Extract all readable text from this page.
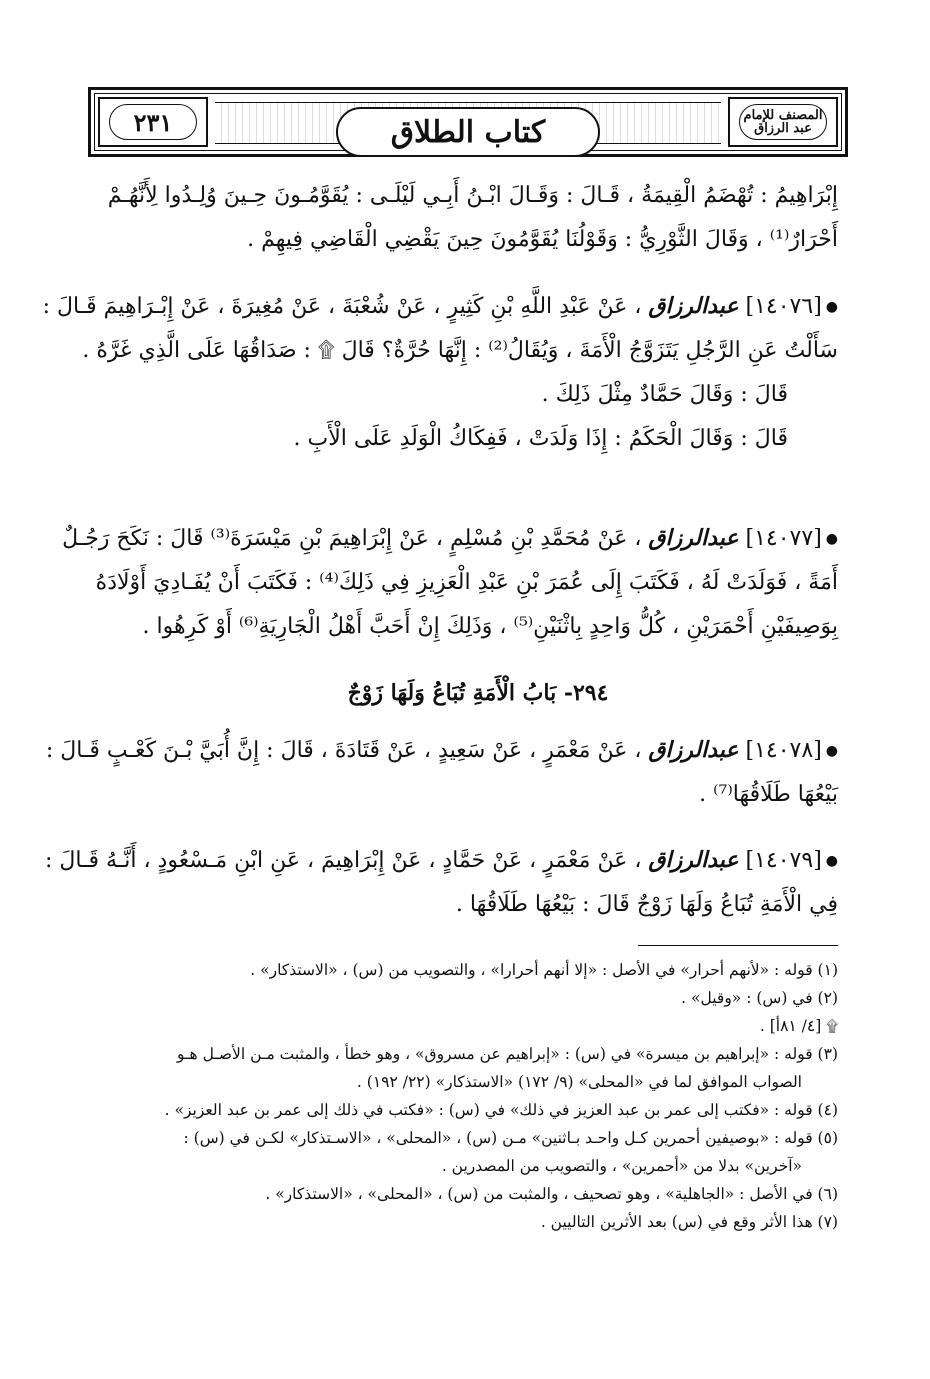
٢٣١	كتاب الطلاق	المصنف للإمام عبد الرزاق
إِبْرَاهِيمُ : تُهْضَمُ الْقِيمَةُ ، قَـالَ : وَقَـالَ ابْـنُ أَبِـي لَيْلَـى : يُقَوَّمُـونَ حِـينَ وُلِـدُوا لِأَنَّهُـمْ
أَحْرَارٌ⁽¹⁾ ، وَقَالَ الثَّوْرِيُّ : وَقَوْلُنَا يُقَوَّمُونَ حِينَ يَقْضِي الْقَاضِي فِيهِمْ .
●[١٤٠٧٦] عبدالرزاق ، عَنْ عَبْدِ اللَّهِ بْنِ كَثِيرٍ ، عَنْ شُعْبَةَ ، عَنْ مُغِيرَةَ ، عَنْ إِبْـرَاهِيمَ قَـالَ :
سَأَلْتُ عَنِ الرَّجُلِ يَتَزَوَّجُ الْأَمَةَ ، وَيُقَالُ⁽²⁾ : إِنَّهَا حُرَّةٌ؟ قَالَ ۩ : صَدَاقُهَا عَلَى الَّذِي غَرَّهُ .
قَالَ : وَقَالَ حَمَّادٌ مِثْلَ ذَلِكَ .
قَالَ : وَقَالَ الْحَكَمُ : إِذَا وَلَدَتْ ، فَفِكَاكُ الْوَلَدِ عَلَى الْأَبِ .
●[١٤٠٧٧] عبدالرزاق ، عَنْ مُحَمَّدِ بْنِ مُسْلِمٍ ، عَنْ إِبْرَاهِيمَ بْنِ مَيْسَرَةَ⁽³⁾ قَالَ : نَكَحَ رَجُـلٌ
أَمَةً ، فَوَلَدَتْ لَهُ ، فَكَتَبَ إِلَى عُمَرَ بْنِ عَبْدِ الْعَزِيزِ فِي ذَلِكَ⁽⁴⁾ : فَكَتَبَ أَنْ يُفَـادِيَ أَوْلَادَهُ
بِوَصِيفَيْنِ أَحْمَرَيْنِ ، كُلُّ وَاحِدٍ بِاثْنَيْنِ⁽⁵⁾ ، وَذَلِكَ إِنْ أَحَبَّ أَهْلُ الْجَارِيَةِ⁽⁶⁾ أَوْ كَرِهُوا .
٢٩٤- بَابُ الْأَمَةِ تُبَاعُ وَلَهَا زَوْجٌ
●[١٤٠٧٨] عبدالرزاق ، عَنْ مَعْمَرٍ ، عَنْ سَعِيدٍ ، عَنْ قَتَادَةَ ، قَالَ : إِنَّ أُبَيَّ بْـنَ كَعْـبٍ قَـالَ :
بَيْعُهَا طَلَاقُهَا⁽⁷⁾ .
●[١٤٠٧٩] عبدالرزاق ، عَنْ مَعْمَرٍ ، عَنْ حَمَّادٍ ، عَنْ إِبْرَاهِيمَ ، عَنِ ابْنِ مَـسْعُودٍ ، أَنَّـهُ قَـالَ :
فِي الْأَمَةِ تُبَاعُ وَلَهَا زَوْجٌ قَالَ : بَيْعُهَا طَلَاقُهَا .
(١) قوله : «لأنهم أحرار» في الأصل : «إلا أنهم أحرارا» ، والتصويب من (س) ، «الاستذكار» .
(٢) في (س) : «وقيل» .
۩ [٤/ ٨١أ] .
(٣) قوله : «إبراهيم بن ميسرة» في (س) : «إبراهيم عن مسروق» ، وهو خطأ ، والمثبت مـن الأصـل هـو
الصواب الموافق لما في «المحلى» (٩/ ١٧٢) «الاستذكار» (٢٢/ ١٩٢) .
(٤) قوله : «فكتب إلى عمر بن عبد العزيز في ذلك» في (س) : «فكتب في ذلك إلى عمر بن عبد العزيز» .
(٥) قوله : «بوصيفين أحمرين كـل واحـد بـاثنين» مـن (س) ، «المحلى» ، «الاسـتذكار» لكـن في (س) :
«آخرين» بدلا من «أحمرين» ، والتصويب من المصدرين .
(٦) في الأصل : «الجاهلية» ، وهو تصحيف ، والمثبت من (س) ، «المحلى» ، «الاستذكار» .
(٧) هذا الأثر وقع في (س) بعد الأثرين التاليين .
